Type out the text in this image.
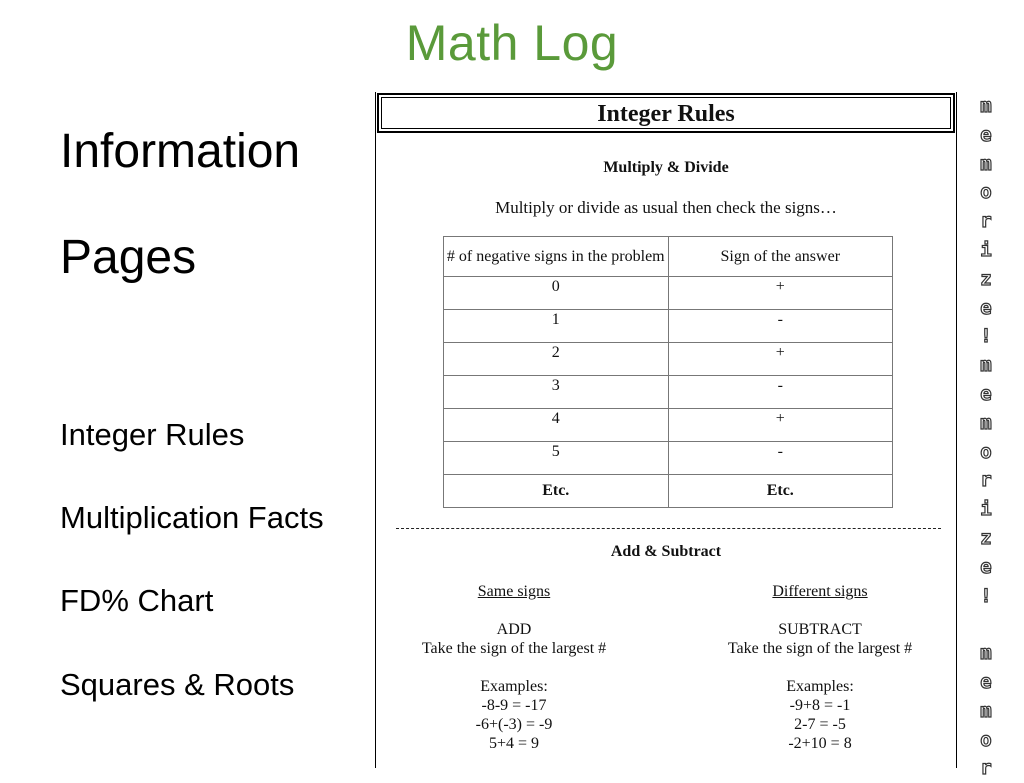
Math Log
Information
Pages
Integer Rules
Multiplication Facts
FD% Chart
Squares & Roots
Integer Rules
Multiply & Divide
Multiply or divide as usual then check the signs…
# of negative signs in the problem	Sign of the answer
0	+
1	-
2	+
3	-
4	+
5	-
Etc.	Etc.
Add & Subtract
Same signs
ADD
Take the sign of the largest #
Examples:
-8-9 = -17
-6+(-3) = -9
5+4 = 9
Different signs
SUBTRACT
Take the sign of the largest #
Examples:
-9+8 = -1
2-7 = -5
-2+10 = 8
m
e
m
o
r
i
z
e
!
m
e
m
o
r
i
z
e
!
m
e
m
o
r
